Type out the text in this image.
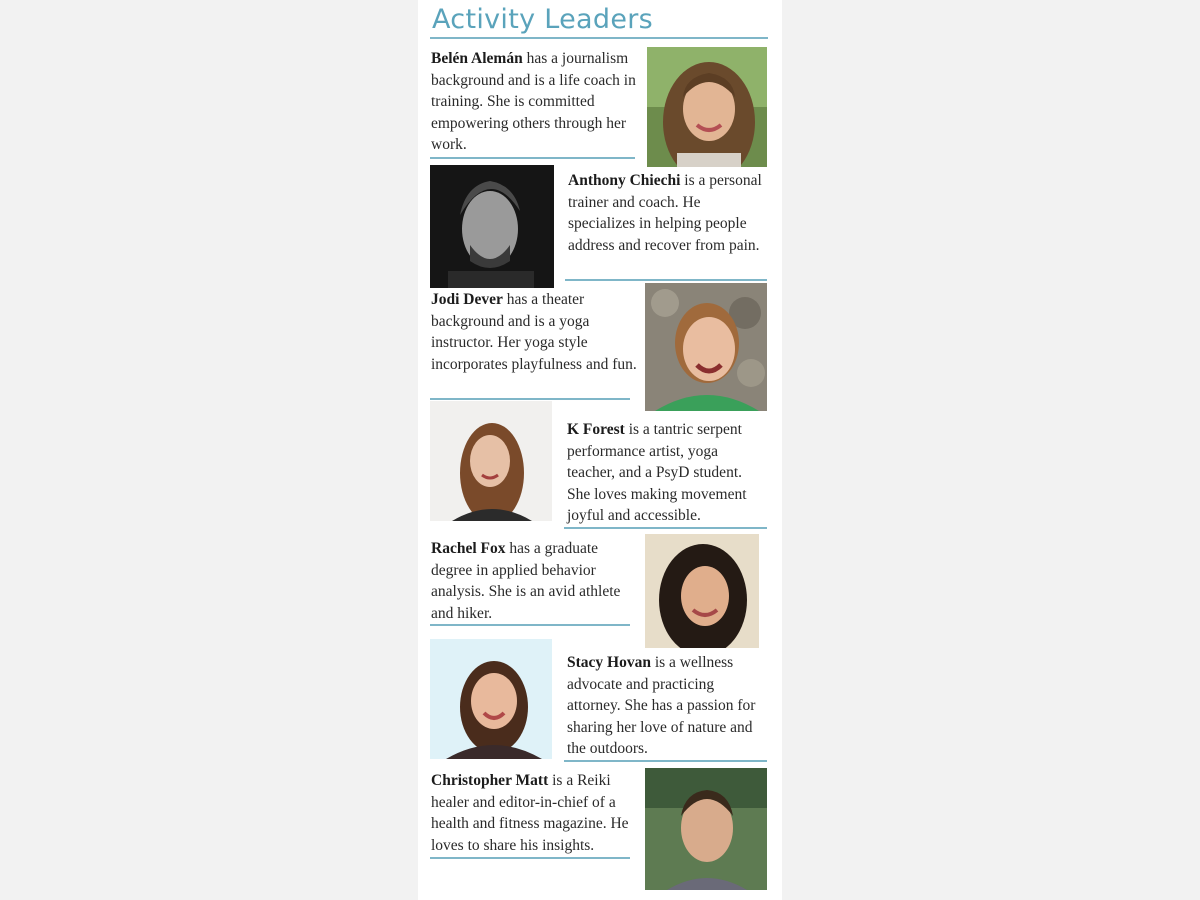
Activity Leaders
Belén Alemán has a journalism background and is a life coach in training. She is committed empowering others through her work.
Anthony Chiechi is a personal trainer and coach. He specializes in helping people address and recover from pain.
Jodi Dever has a theater background and is a yoga instructor. Her yoga style incorporates playfulness and fun.
K Forest is a tantric serpent performance artist, yoga teacher, and a PsyD student. She loves making movement joyful and accessible.
Rachel Fox has a graduate degree in applied behavior analysis. She is an avid athlete and hiker.
Stacy Hovan is a wellness advocate and practicing attorney. She has a passion for sharing her love of nature and the outdoors.
Christopher Matt is a Reiki healer and editor-in-chief of a health and fitness magazine. He loves to share his insights.
